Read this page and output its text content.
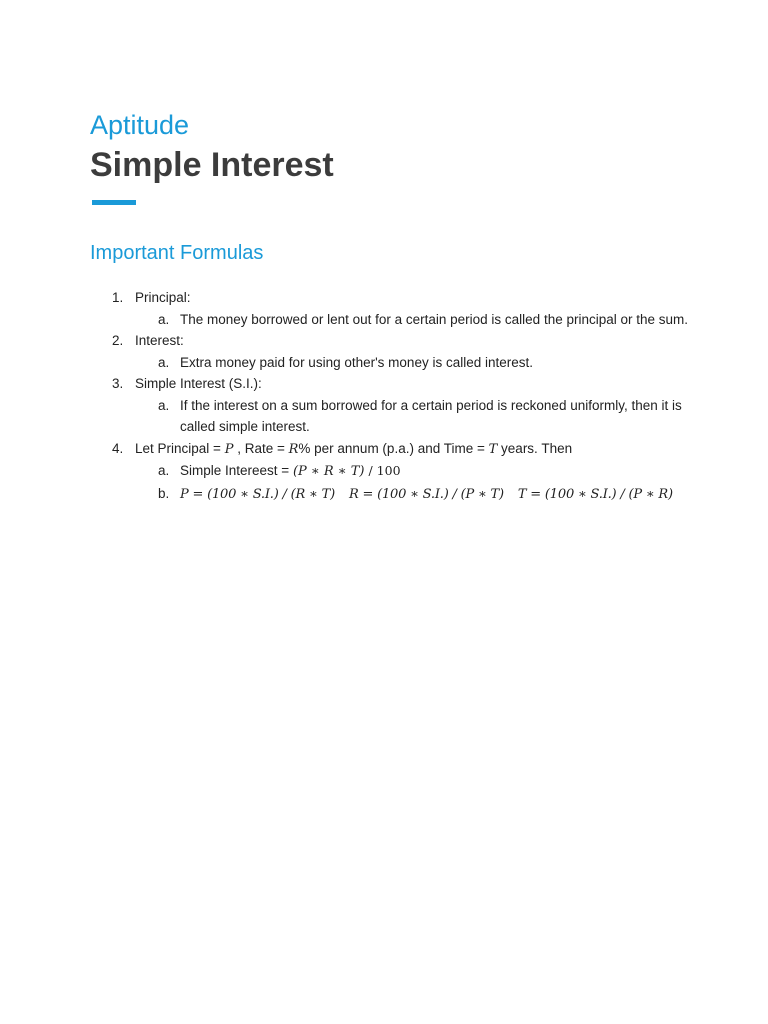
Aptitude
Simple Interest
Important Formulas
1. Principal:
a. The money borrowed or lent out for a certain period is called the principal or the sum.
2. Interest:
a. Extra money paid for using other's money is called interest.
3. Simple Interest (S.I.):
a. If the interest on a sum borrowed for a certain period is reckoned uniformly, then it is called simple interest.
4. Let Principal = P , Rate = R% per annum (p.a.) and Time = T years. Then
a. Simple Intereest = (P ∗ R ∗ T) / 100
b. P = (100 ∗ S.I.) / (R ∗ T) R = (100 ∗ S.I.) / (P ∗ T) T = (100 ∗ S.I.) / (P ∗ R)
